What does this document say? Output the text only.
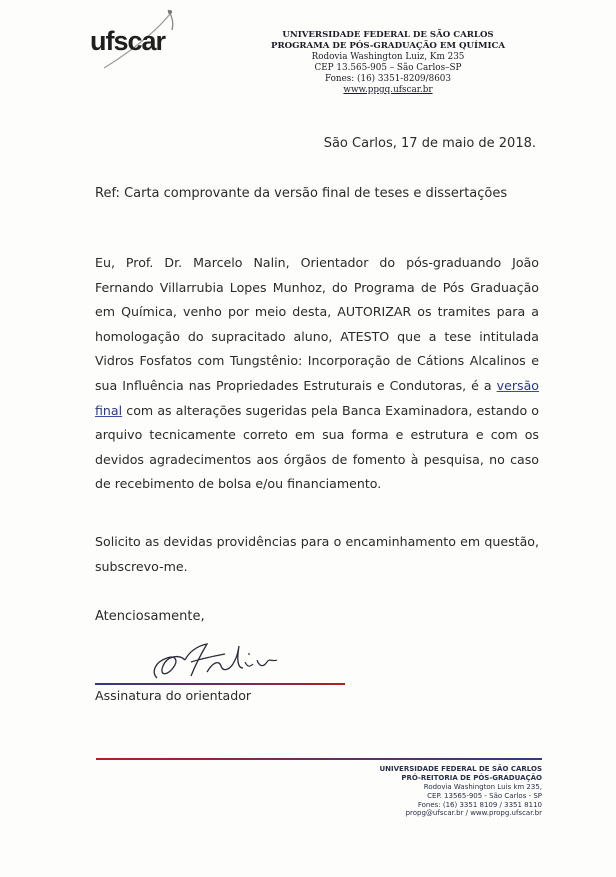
ufscar	UNIVERSIDADE FEDERAL DE SÃO CARLOS
PROGRAMA DE PÓS-GRADUAÇÃO EM QUÍMICA
Rodovia Washington Luiz, Km 235
CEP 13.565-905 – São Carlos–SP
Fones: (16) 3351-8209/8603
www.ppgq.ufscar.br
São Carlos, 17 de maio de 2018.
Ref: Carta comprovante da versão final de teses e dissertações
Eu, Prof. Dr. Marcelo Nalin, Orientador do pós-graduando João Fernando Villarrubia Lopes Munhoz, do Programa de Pós Graduação em Química, venho por meio desta, AUTORIZAR os tramites para a homologação do supracitado aluno, ATESTO que a tese intitulada Vidros Fosfatos com Tungstênio: Incorporação de Cátions Alcalinos e sua Influência nas Propriedades Estruturais e Condutoras, é a versão final com as alterações sugeridas pela Banca Examinadora, estando o arquivo tecnicamente correto em sua forma e estrutura e com os devidos agradecimentos aos órgãos de fomento à pesquisa, no caso de recebimento de bolsa e/ou financiamento.
Solicito as devidas providências para o encaminhamento em questão, subscrevo-me.
Atenciosamente,
Assinatura do orientador
UNIVERSIDADE FEDERAL DE SÃO CARLOS
PRÓ-REITORIA DE PÓS-GRADUAÇÃO
Rodovia Washington Luis km 235,
CEP. 13565-905 - São Carlos - SP
Fones: (16) 3351 8109 / 3351 8110
propg@ufscar.br / www.propg.ufscar.br
